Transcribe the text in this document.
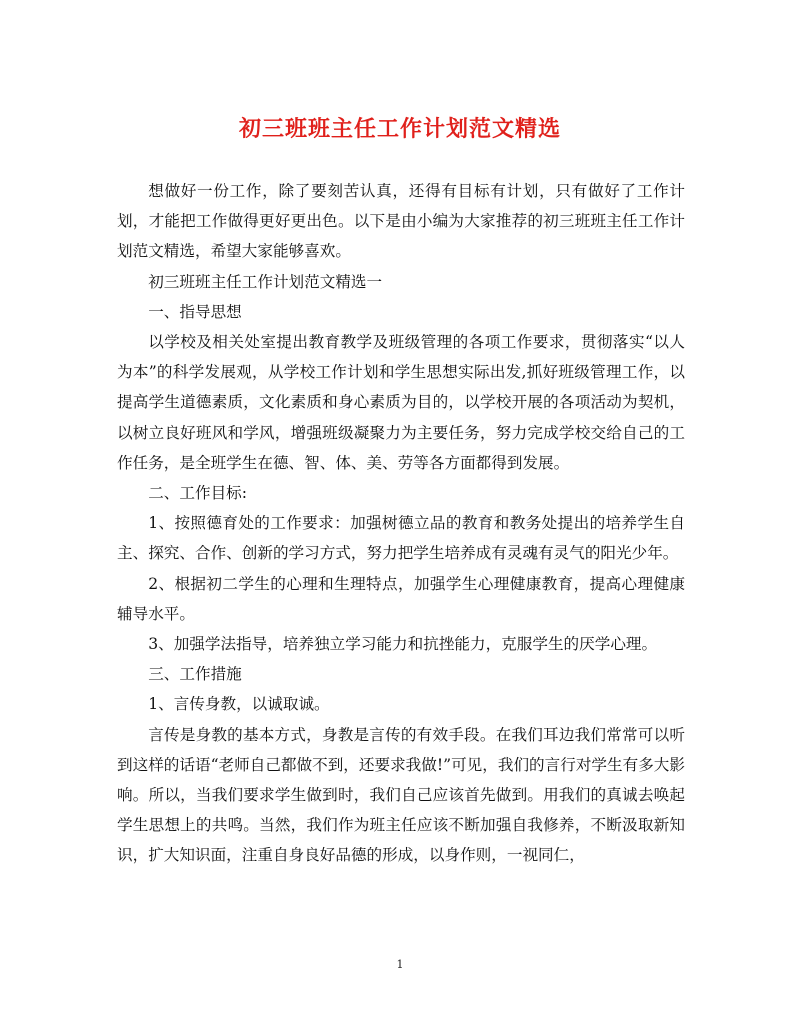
初三班班主任工作计划范文精选

想做好一份工作，除了要刻苦认真，还得有目标有计划，只有做好了工作计划，才能把工作做得更好更出色。以下是由小编为大家推荐的初三班班主任工作计划范文精选，希望大家能够喜欢。

初三班班主任工作计划范文精选一

一、指导思想

以学校及相关处室提出教育教学及班级管理的各项工作要求，贯彻落实“以人为本”的科学发展观，从学校工作计划和学生思想实际出发,抓好班级管理工作，以提高学生道德素质，文化素质和身心素质为目的，以学校开展的各项活动为契机，以树立良好班风和学风，增强班级凝聚力为主要任务，努力完成学校交给自己的工作任务，是全班学生在德、智、体、美、劳等各方面都得到发展。

二、工作目标:

1、按照德育处的工作要求：加强树德立品的教育和教务处提出的培养学生自主、探究、合作、创新的学习方式，努力把学生培养成有灵魂有灵气的阳光少年。

2、根据初二学生的心理和生理特点，加强学生心理健康教育，提高心理健康辅导水平。

3、加强学法指导，培养独立学习能力和抗挫能力，克服学生的厌学心理。

三、工作措施

1、言传身教，以诚取诚。

言传是身教的基本方式，身教是言传的有效手段。在我们耳边我们常常可以听到这样的话语“老师自己都做不到，还要求我做!”可见，我们的言行对学生有多大影响。所以，当我们要求学生做到时，我们自己应该首先做到。用我们的真诚去唤起学生思想上的共鸣。当然，我们作为班主任应该不断加强自我修养，不断汲取新知识，扩大知识面，注重自身良好品德的形成，以身作则，一视同仁，

1
